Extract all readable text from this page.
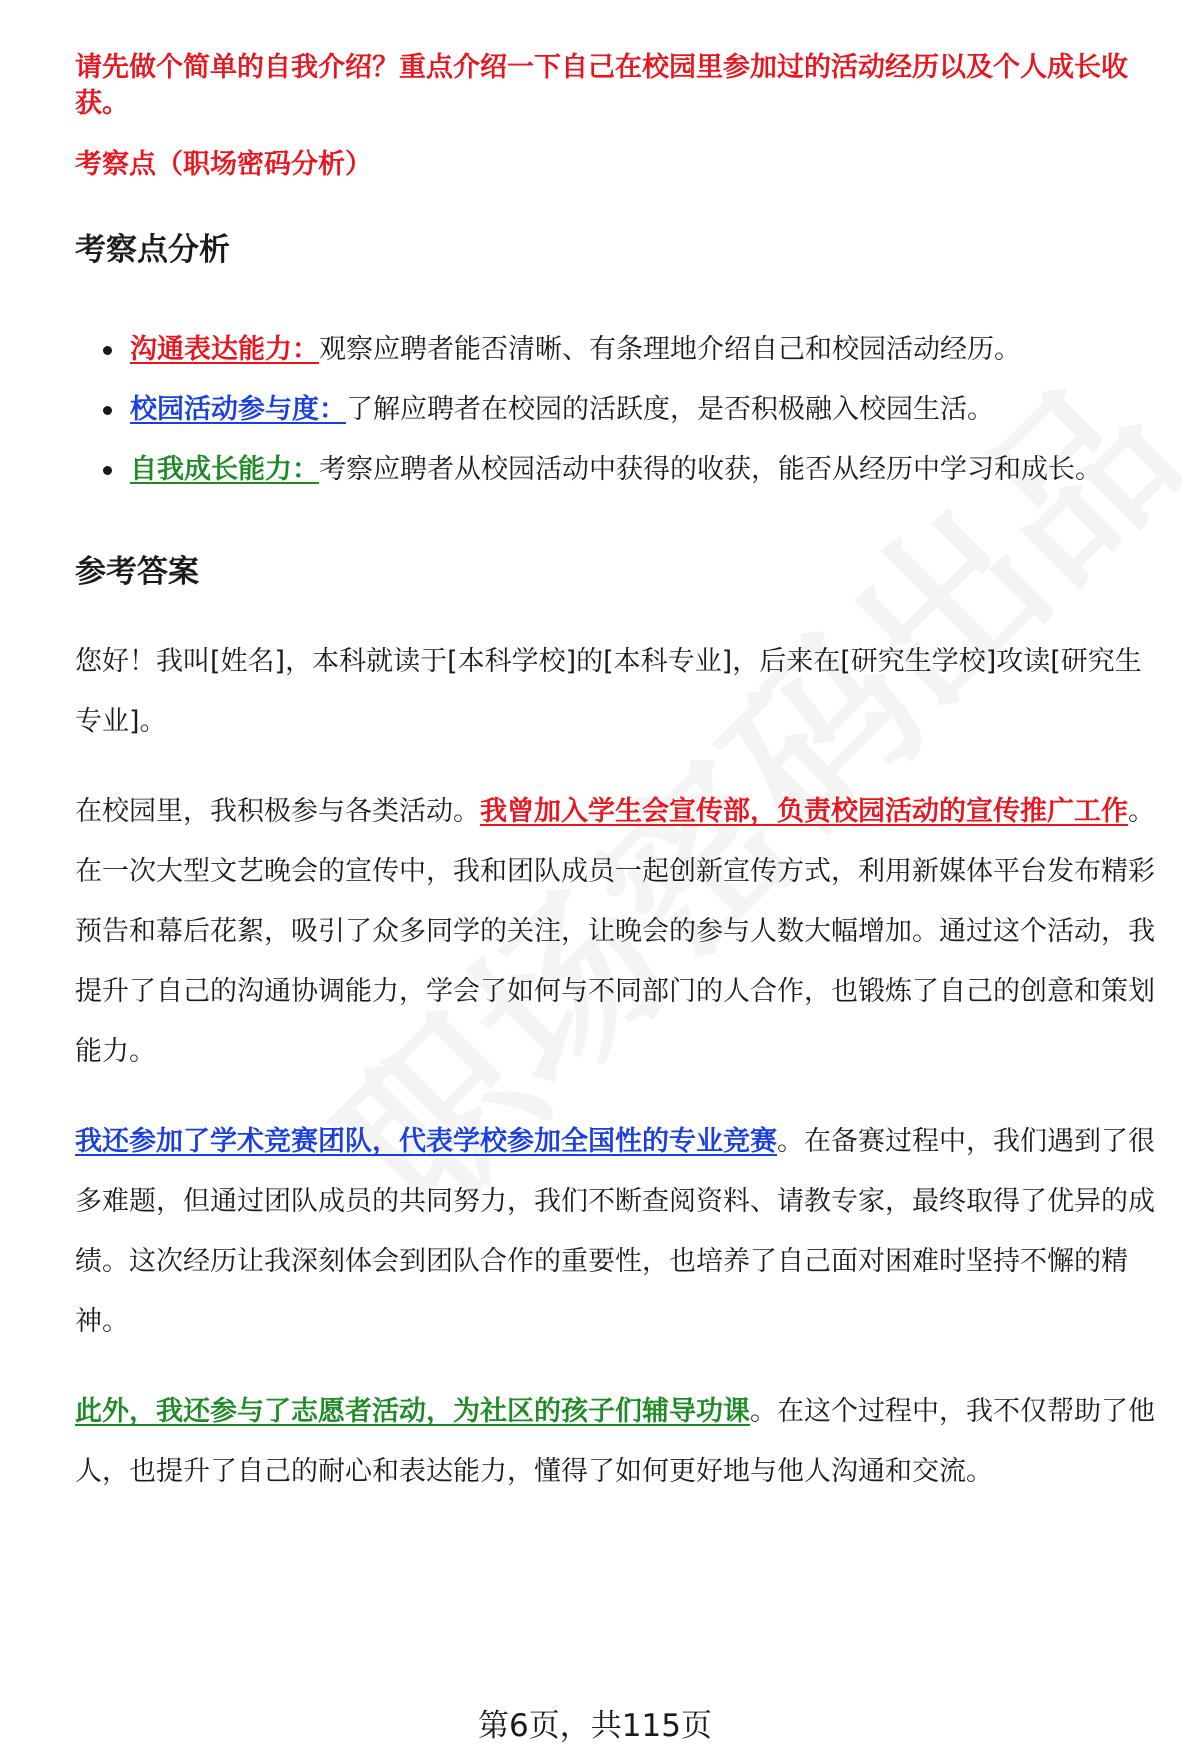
请先做个简单的自我介绍？重点介绍一下自己在校园里参加过的活动经历以及个人成长收获。

考察点（职场密码分析）

考察点分析
沟通表达能力：观察应聘者能否清晰、有条理地介绍自己和校园活动经历。
校园活动参与度：了解应聘者在校园的活跃度，是否积极融入校园生活。
自我成长能力：考察应聘者从校园活动中获得的收获，能否从经历中学习和成长。
参考答案

您好！我叫[姓名]，本科就读于[本科学校]的[本科专业]，后来在[研究生学校]攻读[研究生专业]。

在校园里，我积极参与各类活动。我曾加入学生会宣传部，负责校园活动的宣传推广工作。在一次大型文艺晚会的宣传中，我和团队成员一起创新宣传方式，利用新媒体平台发布精彩预告和幕后花絮，吸引了众多同学的关注，让晚会的参与人数大幅增加。通过这个活动，我提升了自己的沟通协调能力，学会了如何与不同部门的人合作，也锻炼了自己的创意和策划能力。

我还参加了学术竞赛团队，代表学校参加全国性的专业竞赛。在备赛过程中，我们遇到了很多难题，但通过团队成员的共同努力，我们不断查阅资料、请教专家，最终取得了优异的成绩。这次经历让我深刻体会到团队合作的重要性，也培养了自己面对困难时坚持不懈的精神。

此外，我还参与了志愿者活动，为社区的孩子们辅导功课。在这个过程中，我不仅帮助了他人，也提升了自己的耐心和表达能力，懂得了如何更好地与他人沟通和交流。

第6页，共115页
